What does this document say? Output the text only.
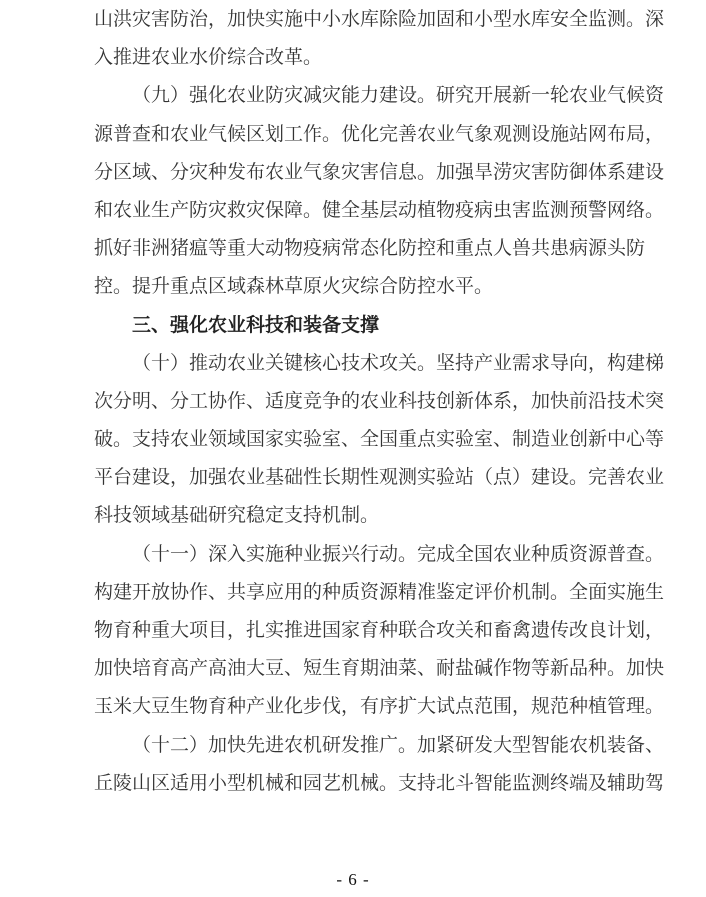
山洪灾害防治，加快实施中小水库除险加固和小型水库安全监测。深
入推进农业水价综合改革。
（九）强化农业防灾减灾能力建设。研究开展新一轮农业气候资
源普查和农业气候区划工作。优化完善农业气象观测设施站网布局，
分区域、分灾种发布农业气象灾害信息。加强旱涝灾害防御体系建设
和农业生产防灾救灾保障。健全基层动植物疫病虫害监测预警网络。
抓好非洲猪瘟等重大动物疫病常态化防控和重点人兽共患病源头防
控。提升重点区域森林草原火灾综合防控水平。
三、强化农业科技和装备支撑
（十）推动农业关键核心技术攻关。坚持产业需求导向，构建梯
次分明、分工协作、适度竞争的农业科技创新体系，加快前沿技术突
破。支持农业领域国家实验室、全国重点实验室、制造业创新中心等
平台建设，加强农业基础性长期性观测实验站（点）建设。完善农业
科技领域基础研究稳定支持机制。
（十一）深入实施种业振兴行动。完成全国农业种质资源普查。
构建开放协作、共享应用的种质资源精准鉴定评价机制。全面实施生
物育种重大项目，扎实推进国家育种联合攻关和畜禽遗传改良计划，
加快培育高产高油大豆、短生育期油菜、耐盐碱作物等新品种。加快
玉米大豆生物育种产业化步伐，有序扩大试点范围，规范种植管理。
（十二）加快先进农机研发推广。加紧研发大型智能农机装备、
丘陵山区适用小型机械和园艺机械。支持北斗智能监测终端及辅助驾
- 6 -
